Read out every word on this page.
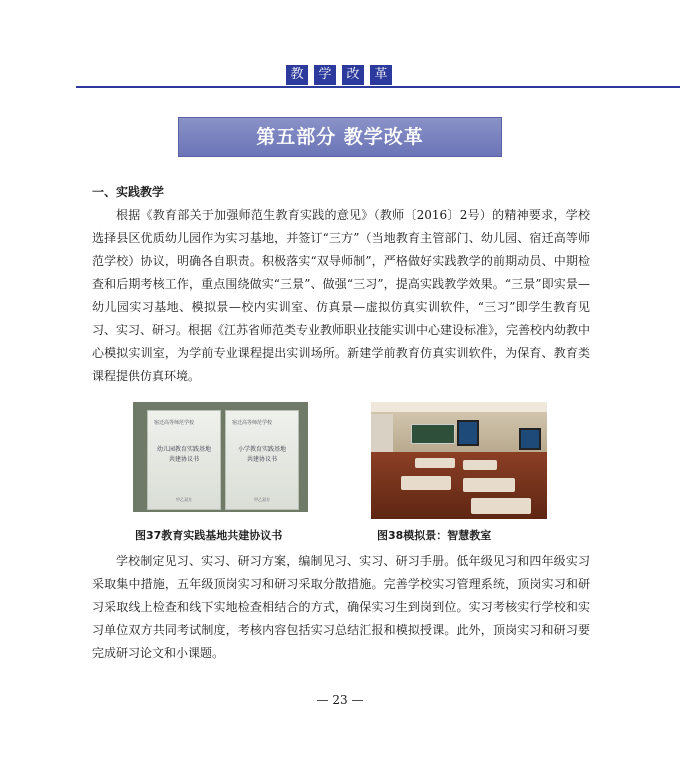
教	学	改	革
第五部分 教学改革
一、实践教学

根据《教育部关于加强师范生教育实践的意见》（教师〔2016〕2号）的精神要求，学校选择县区优质幼儿园作为实习基地，并签订“三方”（当地教育主管部门、幼儿园、宿迁高等师范学校）协议，明确各自职责。积极落实“双导师制”，严格做好实践教学的前期动员、中期检查和后期考核工作，重点围绕做实“三景”、做强“三习”，提高实践教学效果。“三景”即实景—幼儿园实习基地、模拟景—校内实训室、仿真景—虚拟仿真实训软件，“三习”即学生教育见习、实习、研习。根据《江苏省师范类专业教师职业技能实训中心建设标准》，完善校内幼教中心模拟实训室，为学前专业课程提出实训场所。新建学前教育仿真实训软件，为保育、教育类课程提供仿真环境。

宿迁高等师范学校
幼儿园教育实践基地
共建协议书
甲乙双方
宿迁高等师范学校
小学教育实践基地
共建协议书
甲乙双方
图37教育实践基地共建协议书	图38模拟景：智慧教室

学校制定见习、实习、研习方案，编制见习、实习、研习手册。低年级见习和四年级实习采取集中措施，五年级顶岗实习和研习采取分散措施。完善学校实习管理系统，顶岗实习和研习采取线上检查和线下实地检查相结合的方式，确保实习生到岗到位。实习考核实行学校和实习单位双方共同考试制度，考核内容包括实习总结汇报和模拟授课。此外，顶岗实习和研习要完成研习论文和小课题。

— 23 —
